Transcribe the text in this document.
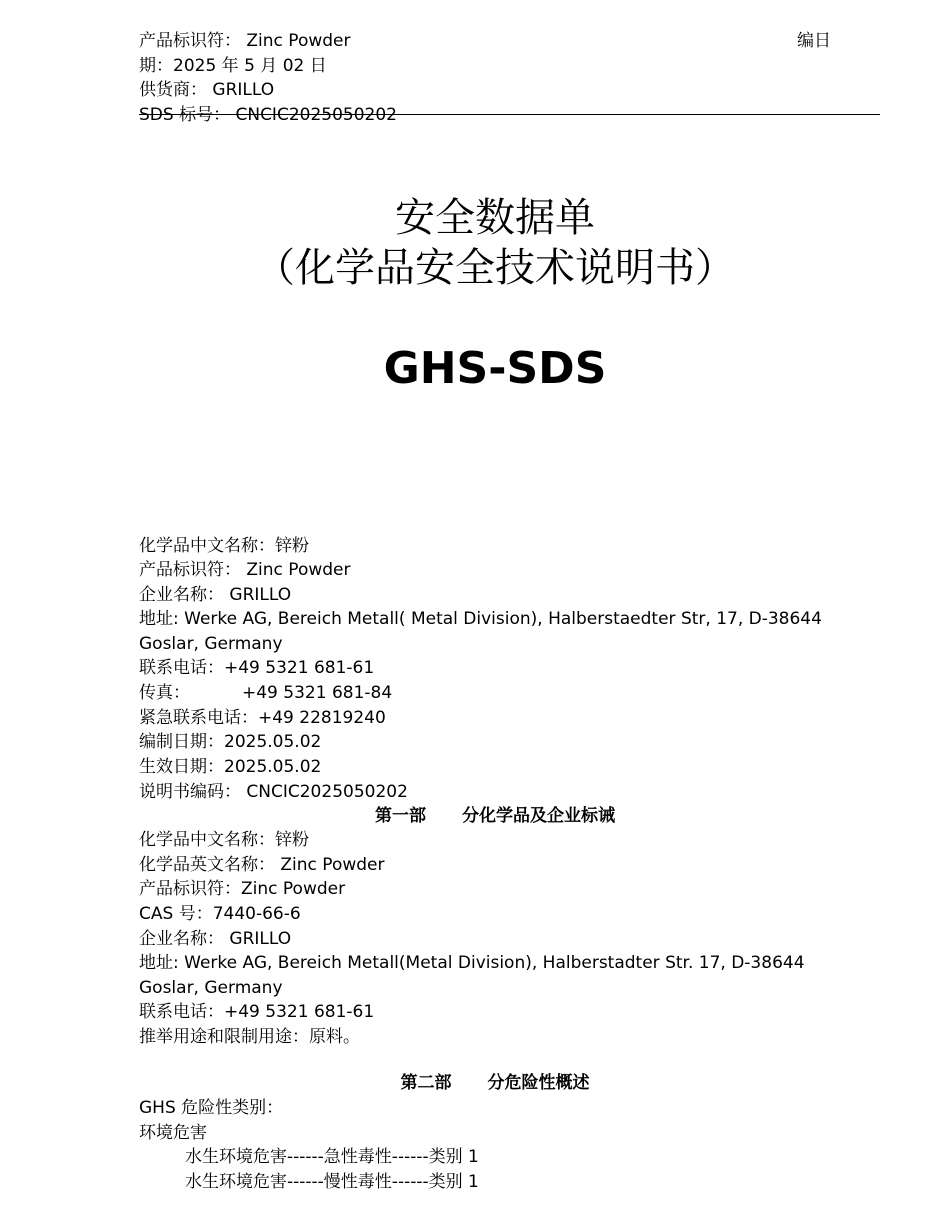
产品标识符： Zinc Powder	编日
期：2025 年 5 月 02 日
供货商： GRILLO
SDS 标号： CNCIC2025050202
安全数据单
（化学品安全技术说明书）
GHS-SDS
化学品中文名称：锌粉
产品标识符： Zinc Powder
企业名称： GRILLO
地址: Werke AG, Bereich Metall( Metal Division), Halberstaedter Str, 17, D-38644
Goslar, Germany
联系电话：+49 5321 681-61
传真：	+49 5321 681-84
紧急联系电话：+49 22819240
编制日期：2025.05.02
生效日期：2025.05.02
说明书编码： CNCIC2025050202
第一部 分化学品及企业标诫
化学品中文名称：锌粉
化学品英文名称： Zinc Powder
产品标识符：Zinc Powder
CAS 号：7440-66-6
企业名称： GRILLO
地址: Werke AG, Bereich Metall(Metal Division), Halberstadter Str. 17, D-38644
Goslar, Germany
联系电话：+49 5321 681-61
推举用途和限制用途：原料。
第二部 分危险性概述
GHS 危险性类别：
环境危害
水生环境危害------急性毒性------类别 1
水生环境危害------慢性毒性------类别 1
